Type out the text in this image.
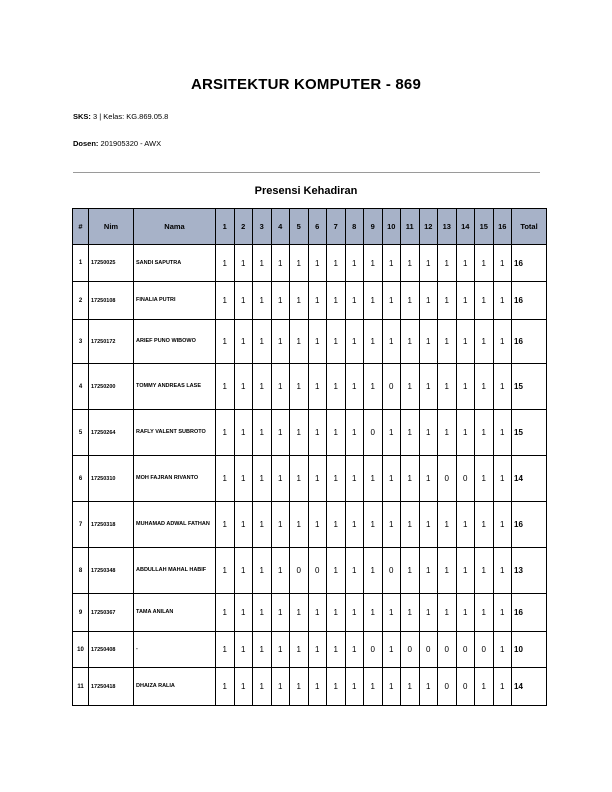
ARSITEKTUR KOMPUTER - 869
SKS: 3 | Kelas: KG.869.05.8
Dosen: 201905320 - AWX
Presensi Kehadiran
#	Nim	Nama	1	2	3	4	5	6	7	8	9	10	11	12	13	14	15	16	Total
1	17250025	SANDI SAPUTRA	1	1	1	1	1	1	1	1	1	1	1	1	1	1	1	1	16
2	17250108	FINALIA PUTRI	1	1	1	1	1	1	1	1	1	1	1	1	1	1	1	1	16
3	17250172	ARIEF PUNO WIBOWO	1	1	1	1	1	1	1	1	1	1	1	1	1	1	1	1	16
4	17250200	TOMMY ANDREAS LASE	1	1	1	1	1	1	1	1	1	0	1	1	1	1	1	1	15
5	17250264	RAFLY VALENT SUBROTO	1	1	1	1	1	1	1	1	0	1	1	1	1	1	1	1	15
6	17250310	MOH FAJRAN RIVANTO	1	1	1	1	1	1	1	1	1	1	1	1	0	0	1	1	14
7	17250318	MUHAMAD ADWAL FATHAN	1	1	1	1	1	1	1	1	1	1	1	1	1	1	1	1	16
8	17250348	ABDULLAH MAHAL HABIF	1	1	1	1	0	0	1	1	1	0	1	1	1	1	1	1	13
9	17250367	TAMA ANILAN	1	1	1	1	1	1	1	1	1	1	1	1	1	1	1	1	16
10	17250408	-	1	1	1	1	1	1	1	1	0	1	0	0	0	0	0	1	10
11	17250418	DHAIZA RALIA	1	1	1	1	1	1	1	1	1	1	1	1	0	0	1	1	14
